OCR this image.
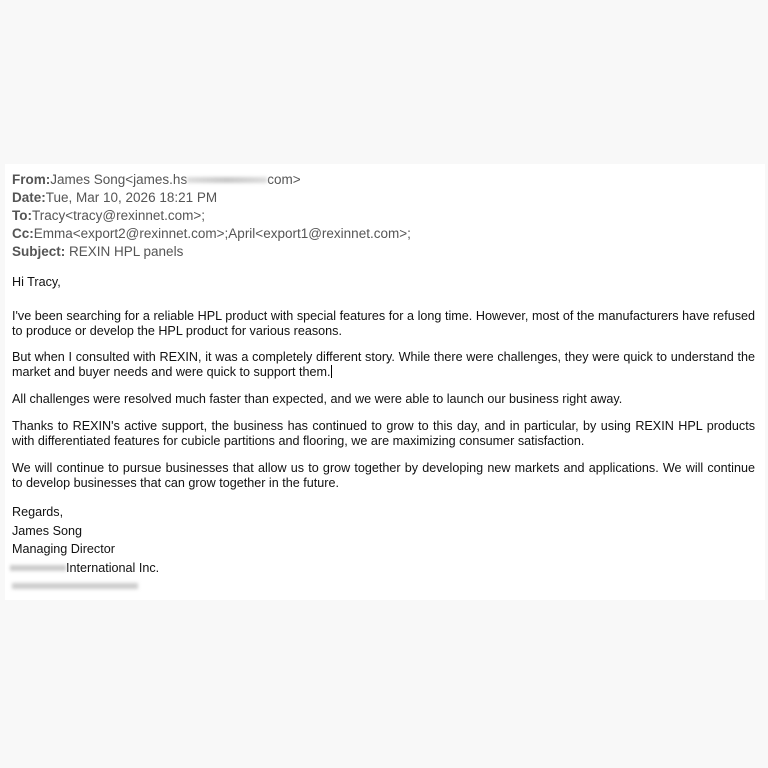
From:James Song<james.hs	com>
Date:Tue, Mar 10, 2026 18:21 PM
To:Tracy<tracy@rexinnet.com>;
Cc:Emma<export2@rexinnet.com>;April<export1@rexinnet.com>;
Subject: REXIN HPL panels
Hi Tracy,
I've been searching for a reliable HPL product with special features for a long time. However, most of the manufacturers have refused to produce or develop the HPL product for various reasons.
But when I consulted with REXIN, it was a completely different story. While there were challenges, they were quick to understand the market and buyer needs and were quick to support them.
All challenges were resolved much faster than expected, and we were able to launch our business right away.
Thanks to REXIN's active support, the business has continued to grow to this day, and in particular, by using REXIN HPL products with differentiated features for cubicle partitions and flooring, we are maximizing consumer satisfaction.
We will continue to pursue businesses that allow us to grow together by developing new markets and applications. We will continue to develop businesses that can grow together in the future.
Regards,
James Song
Managing Director
International Inc.
